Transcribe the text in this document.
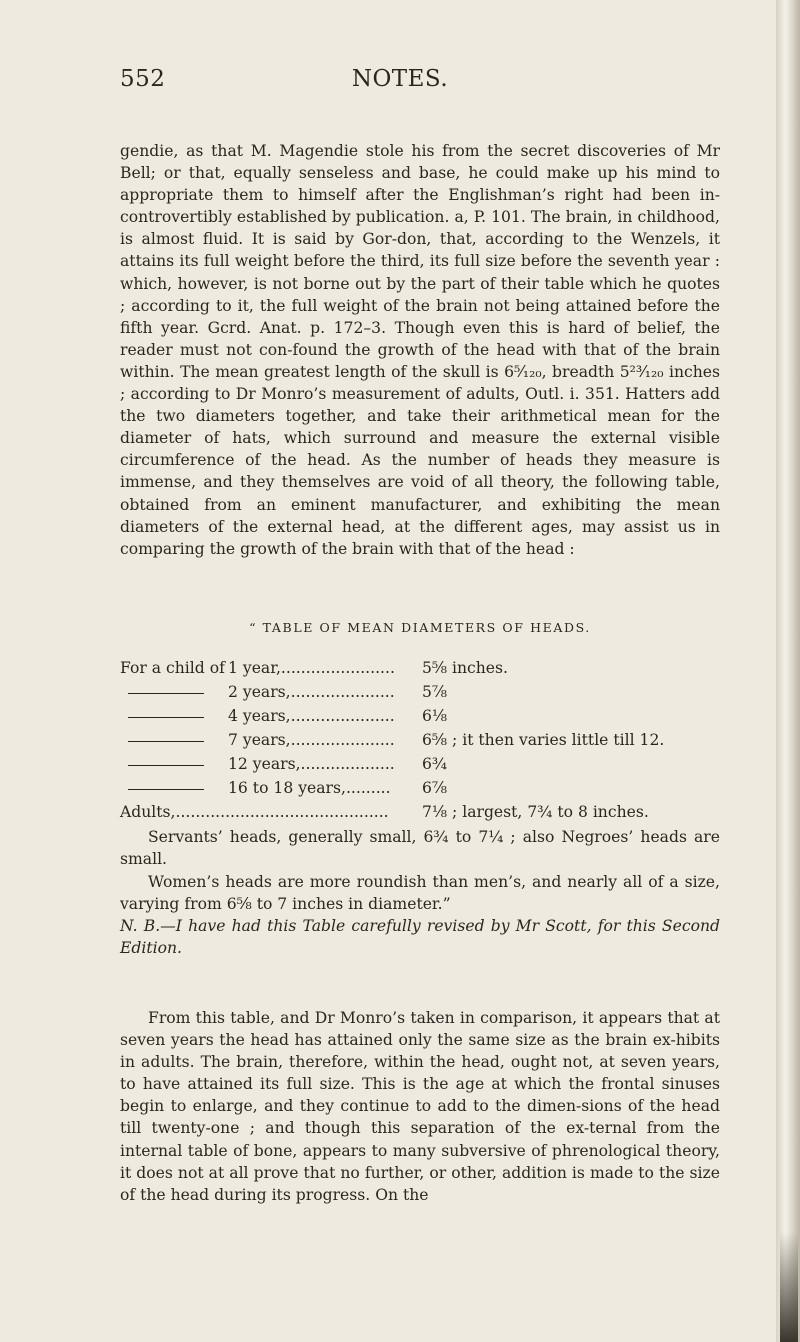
552	NOTES.
gendie, as that M. Magendie stole his from the secret discoveries of Mr Bell; or that, equally senseless and base, he could make up his mind to appropriate them to himself after the Englishman’s right had been in-controvertibly established by publication. a, P. 101. The brain, in childhood, is almost fluid. It is said by Gor-don, that, according to the Wenzels, it attains its full weight before the third, its full size before the seventh year : which, however, is not borne out by the part of their table which he quotes ; according to it, the full weight of the brain not being attained before the fifth year. Gcrd. Anat. p. 172–3. Though even this is hard of belief, the reader must not con-found the growth of the head with that of the brain within. The mean greatest length of the skull is 6⁵⁄₁₂₀, breadth 5²³⁄₁₂₀ inches ; according to Dr Monro’s measurement of adults, Outl. i. 351. Hatters add the two diameters together, and take their arithmetical mean for the diameter of hats, which surround and measure the external visible circumference of the head. As the number of heads they measure is immense, and they themselves are void of all theory, the following table, obtained from an eminent manufacturer, and exhibiting the mean diameters of the external head, at the different ages, may assist us in comparing the growth of the brain with that of the head :
“ TABLE OF MEAN DIAMETERS OF HEADS.
For a child of 1 year,....................... 5⅝ inches.
2 years,..................... 5⅞
4 years,..................... 6⅛
7 years,..................... 6⅝ ; it then varies little till 12.
12 years,................... 6¾
16 to 18 years,......... 6⅞
Adults,........................................... 7⅛ ; largest, 7¾ to 8 inches.
Servants’ heads, generally small, 6¾ to 7¼ ; also Negroes’ heads are small.
Women’s heads are more roundish than men’s, and nearly all of a size, varying from 6⅝ to 7 inches in diameter.”
N. B.—I have had this Table carefully revised by Mr Scott, for this Second Edition.
From this table, and Dr Monro’s taken in comparison, it appears that at seven years the head has attained only the same size as the brain ex-hibits in adults. The brain, therefore, within the head, ought not, at seven years, to have attained its full size. This is the age at which the frontal sinuses begin to enlarge, and they continue to add to the dimen-sions of the head till twenty-one ; and though this separation of the ex-ternal from the internal table of bone, appears to many subversive of phrenological theory, it does not at all prove that no further, or other, addition is made to the size of the head during its progress. On the
